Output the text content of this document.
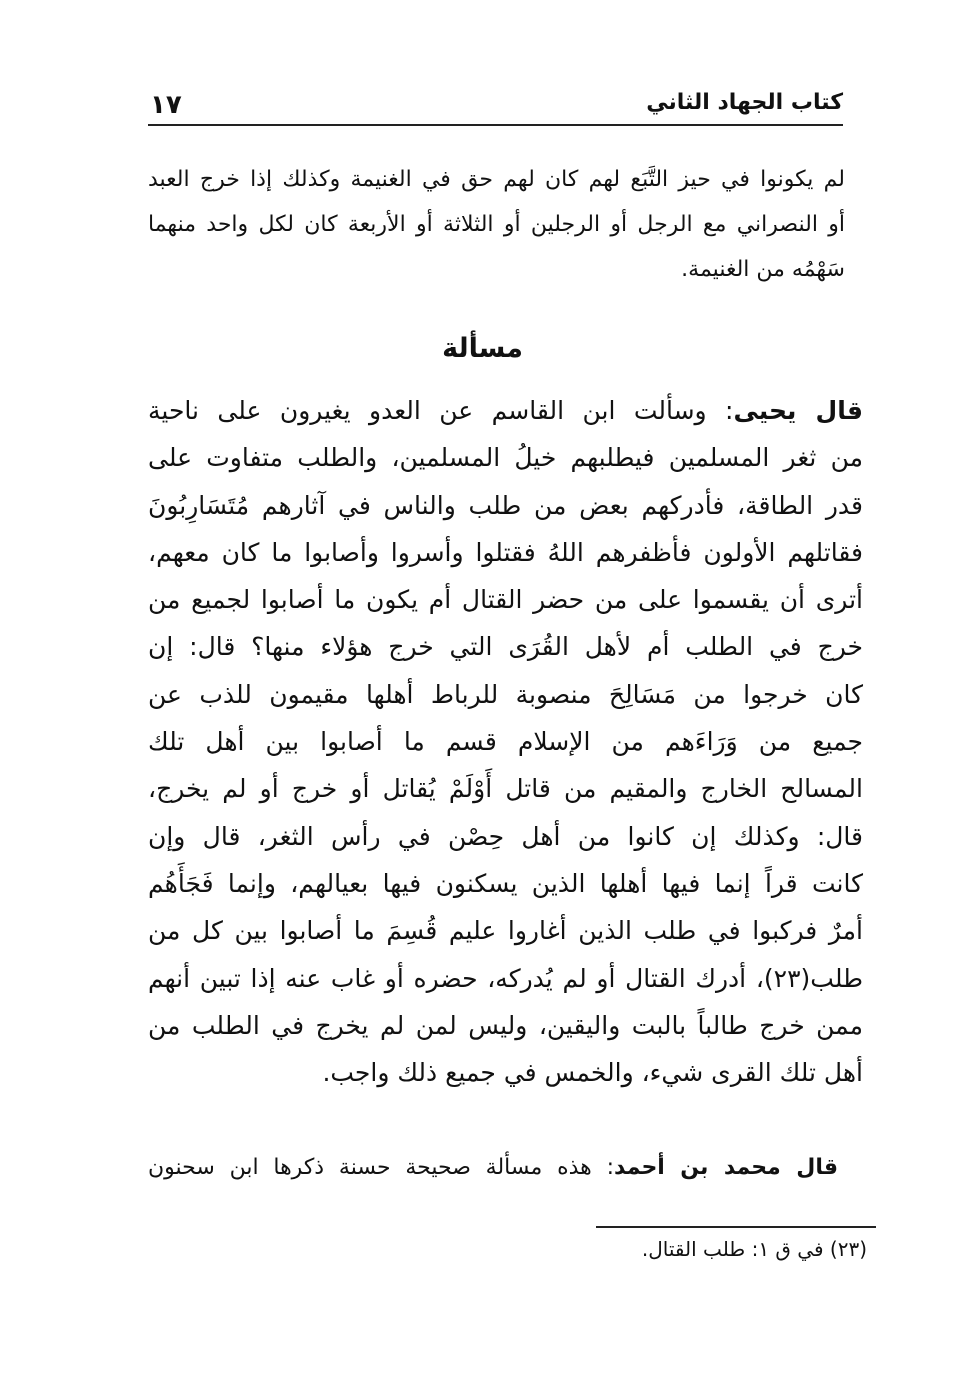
١٧	كتاب الجهاد الثاني
لم يكونوا في حيز التَّبَع لهم كان لهم حق في الغنيمة وكذلك إذا خرج العبد
أو النصراني مع الرجل أو الرجلين أو الثلاثة أو الأربعة كان لكل واحد منهما
سَهْمُه من الغنيمة.
مسألة
قال يحيى: وسألت ابن القاسم عن العدو يغيرون على ناحية
من ثغر المسلمين فيطلبهم خيلُ المسلمين، والطلب متفاوت على
قدر الطاقة، فأدركهم بعض من طلب والناس في آثارهم مُتَسَارِبُونَ
فقاتلهم الأولون فأظفرهم اللهُ فقتلوا وأسروا وأصابوا ما كان معهم،
أترى أن يقسموا على من حضر القتال أم يكون ما أصابوا لجميع من
خرج في الطلب أم لأهل القُرَى التي خرج هؤلاء منها؟ قال: إن
كان خرجوا من مَسَالِحَ منصوبة للرباط أهلها مقيمون للذب عن
جميع من وَرَاءَهم من الإسلام قسم ما أصابوا بين أهل تلك
المسالح الخارج والمقيم من قاتل أَوْلَمْ يُقاتل أو خرج أو لم يخرج،
قال: وكذلك إن كانوا من أهل حِصْن في رأس الثغر، قال وإن
كانت قراً إنما فيها أهلها الذين يسكنون فيها بعيالهم، وإنما فَجَأَهُم
أمرٌ فركبوا في طلب الذين أغاروا عليم قُسِمَ ما أصابوا بين كل من
طلب(٢٣)، أدرك القتال أو لم يُدركه، حضره أو غاب عنه إذا تبين أنهم
ممن خرج طالباً بالبت واليقين، وليس لمن لم يخرج في الطلب من
أهل تلك القرى شيء، والخمس في جميع ذلك واجب.
قال محمد بن أحمد: هذه مسألة صحيحة حسنة ذكرها ابن سحنون
(٢٣) في ق ١: طلب القتال.
